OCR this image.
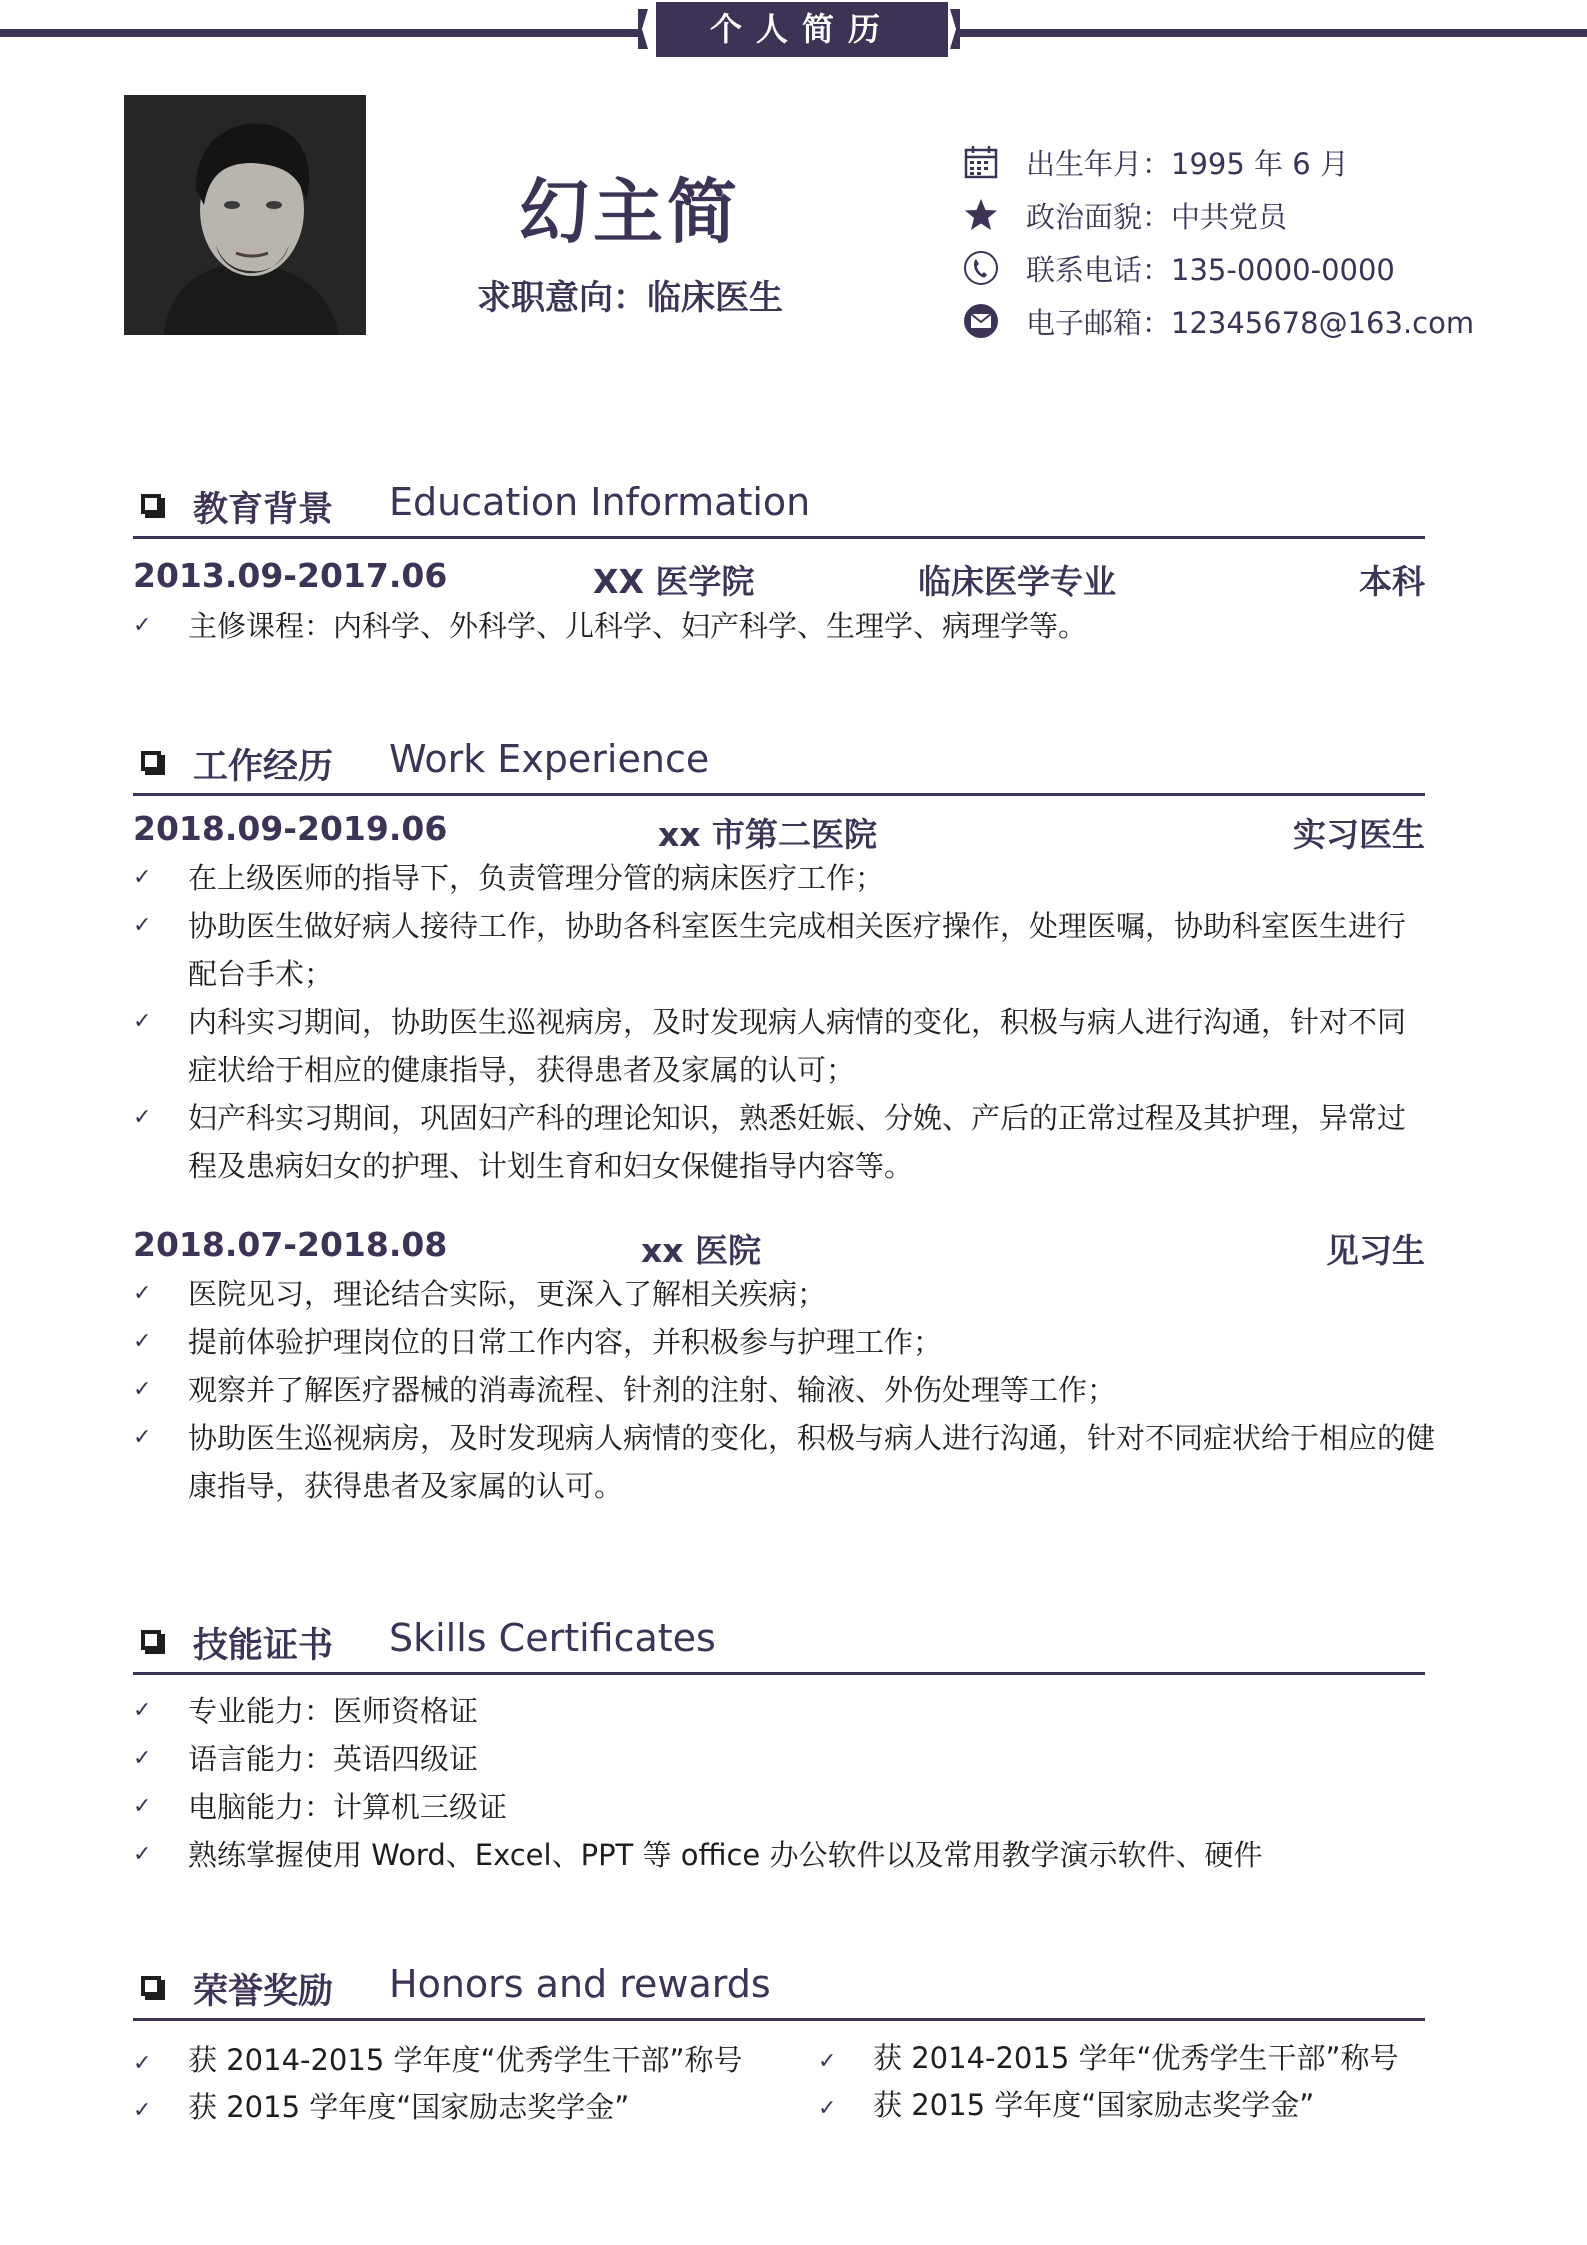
个人简历
幻主简
求职意向：临床医生
出生年月：1995 年 6 月
政治面貌：中共党员
联系电话：135-0000-0000
电子邮箱：12345678@163.com
教育背景 Education Information
2013.09-2017.06	XX 医学院	临床医学专业	本科
✓	主修课程：内科学、外科学、儿科学、妇产科学、生理学、病理学等。
工作经历 Work Experience
2018.09-2019.06	xx 市第二医院	实习医生
✓	在上级医师的指导下，负责管理分管的病床医疗工作；
✓	协助医生做好病人接待工作，协助各科室医生完成相关医疗操作，处理医嘱，协助科室医生进行配台手术；
✓	内科实习期间，协助医生巡视病房，及时发现病人病情的变化，积极与病人进行沟通，针对不同症状给于相应的健康指导，获得患者及家属的认可；
✓	妇产科实习期间，巩固妇产科的理论知识，熟悉妊娠、分娩、产后的正常过程及其护理，异常过程及患病妇女的护理、计划生育和妇女保健指导内容等。
2018.07-2018.08	xx 医院	见习生
✓	医院见习，理论结合实际，更深入了解相关疾病；
✓	提前体验护理岗位的日常工作内容，并积极参与护理工作；
✓	观察并了解医疗器械的消毒流程、针剂的注射、输液、外伤处理等工作；
✓	协助医生巡视病房，及时发现病人病情的变化，积极与病人进行沟通，针对不同症状给于相应的健康指导，获得患者及家属的认可。
技能证书 Skills Certificates
✓	专业能力：医师资格证
✓	语言能力：英语四级证
✓	电脑能力：计算机三级证
✓	熟练掌握使用 Word、Excel、PPT 等 office 办公软件以及常用教学演示软件、硬件
荣誉奖励 Honors and rewards
✓ 获 2014-2015 学年度“优秀学生干部”称号	✓ 获 2014-2015 学年“优秀学生干部”称号
✓ 获 2015 学年度“国家励志奖学金”	✓ 获 2015 学年度“国家励志奖学金”
